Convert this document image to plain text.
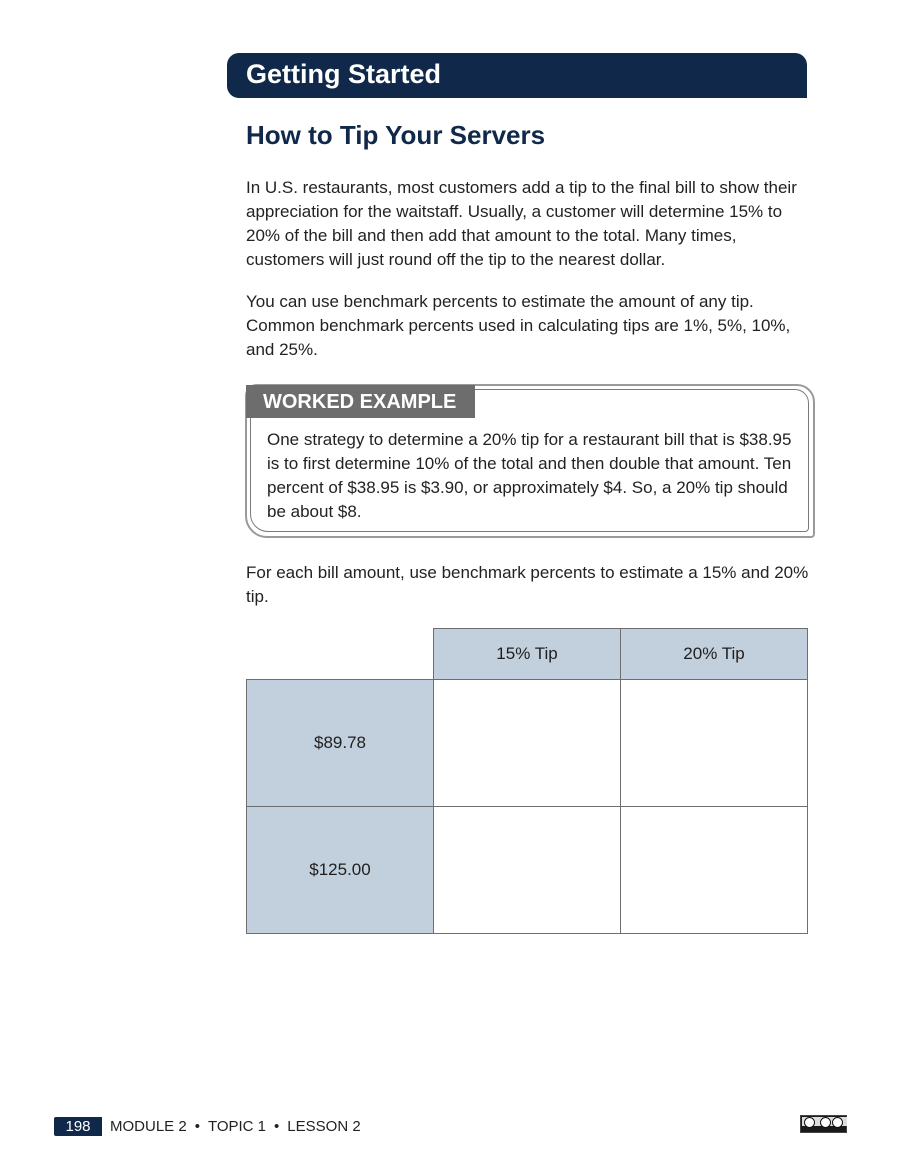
Getting Started
How to Tip Your Servers

In U.S. restaurants, most customers add a tip to the final bill to show their appreciation for the waitstaff. Usually, a customer will determine 15% to 20% of the bill and then add that amount to the total. Many times, customers will just round off the tip to the nearest dollar.

You can use benchmark percents to estimate the amount of any tip. Common benchmark percents used in calculating tips are 1%, 5%, 10%, and 25%.

WORKED EXAMPLE

One strategy to determine a 20% tip for a restaurant bill that is $38.95 is to first determine 10% of the total and then double that amount. Ten percent of $38.95 is $3.90, or approximately $4. So, a 20% tip should be about $8.

For each bill amount, use benchmark percents to estimate a 15% and 20% tip.

	15% Tip	20% Tip
$89.78		
$125.00		
198	MODULE 2 • TOPIC 1 • LESSON 2
